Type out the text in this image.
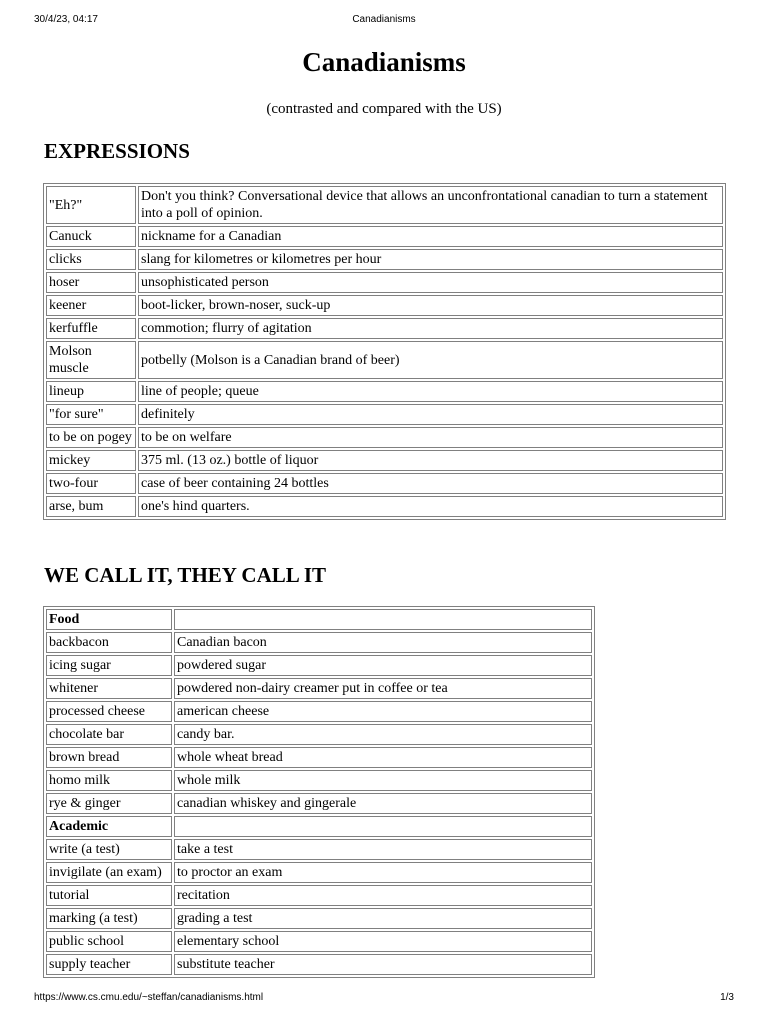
30/4/23, 04:17	Canadianisms
Canadianisms

(contrasted and compared with the US)

EXPRESSIONS
"Eh?"	Don't you think? Conversational device that allows an unconfrontational canadian to turn a statement into a poll of opinion.
Canuck	nickname for a Canadian
clicks	slang for kilometres or kilometres per hour
hoser	unsophisticated person
keener	boot-licker, brown-noser, suck-up
kerfuffle	commotion; flurry of agitation
Molson muscle	potbelly (Molson is a Canadian brand of beer)
lineup	line of people; queue
"for sure"	definitely
to be on pogey	to be on welfare
mickey	375 ml. (13 oz.) bottle of liquor
two-four	case of beer containing 24 bottles
arse, bum	one's hind quarters.
WE CALL IT, THEY CALL IT
Food	
backbacon	Canadian bacon
icing sugar	powdered sugar
whitener	powdered non-dairy creamer put in coffee or tea
processed cheese	american cheese
chocolate bar	candy bar.
brown bread	whole wheat bread
homo milk	whole milk
rye & ginger	canadian whiskey and gingerale
Academic	
write (a test)	take a test
invigilate (an exam)	to proctor an exam
tutorial	recitation
marking (a test)	grading a test
public school	elementary school
supply teacher	substitute teacher
https://www.cs.cmu.edu/~steffan/canadianisms.html	1/3
